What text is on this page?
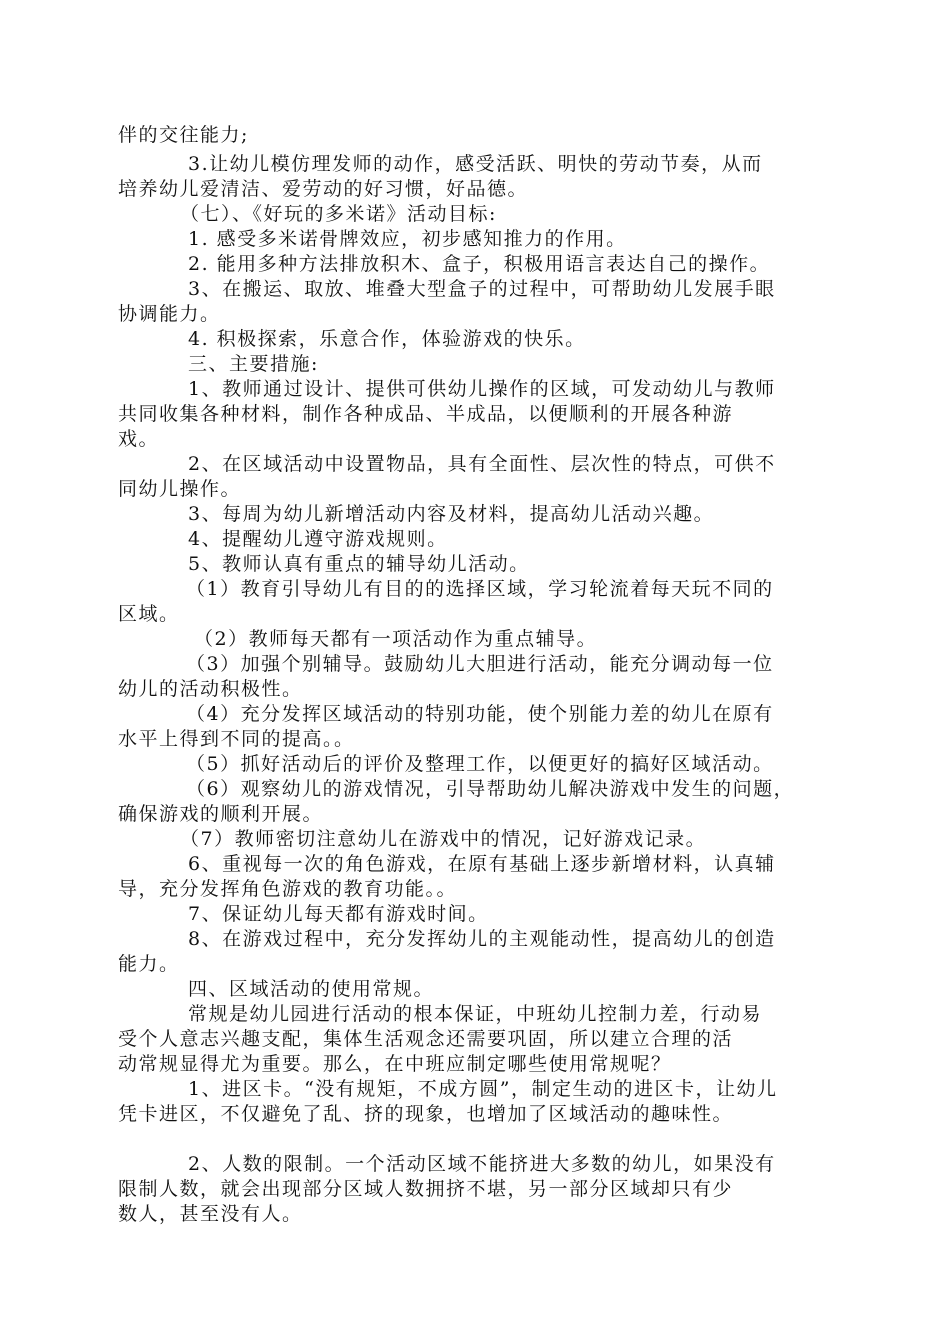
伴的交往能力;

3.让幼儿模仿理发师的动作，感受活跃、明快的劳动节奏，从而

培养幼儿爱清洁、爱劳动的好习惯，好品德。

（七）、《好玩的多米诺》活动目标:

1. 感受多米诺骨牌效应，初步感知推力的作用。

2. 能用多种方法排放积木、盒子，积极用语言表达自己的操作。

3、在搬运、取放、堆叠大型盒子的过程中，可帮助幼儿发展手眼

协调能力。

4. 积极探索，乐意合作，体验游戏的快乐。

三、主要措施:

1、教师通过设计、提供可供幼儿操作的区域，可发动幼儿与教师

共同收集各种材料，制作各种成品、半成品，以便顺利的开展各种游

戏。

2、在区域活动中设置物品，具有全面性、层次性的特点，可供不

同幼儿操作。

3、每周为幼儿新增活动内容及材料，提高幼儿活动兴趣。

4、提醒幼儿遵守游戏规则。

5、教师认真有重点的辅导幼儿活动。

（1）教育引导幼儿有目的的选择区域，学习轮流着每天玩不同的

区域。

（2）教师每天都有一项活动作为重点辅导。

（3）加强个别辅导。鼓励幼儿大胆进行活动，能充分调动每一位

幼儿的活动积极性。

（4）充分发挥区域活动的特别功能，使个别能力差的幼儿在原有

水平上得到不同的提高。。

（5）抓好活动后的评价及整理工作，以便更好的搞好区域活动。

（6）观察幼儿的游戏情况，引导帮助幼儿解决游戏中发生的问题，

确保游戏的顺利开展。

（7）教师密切注意幼儿在游戏中的情况，记好游戏记录。

6、重视每一次的角色游戏，在原有基础上逐步新增材料，认真辅

导，充分发挥角色游戏的教育功能。。

7、保证幼儿每天都有游戏时间。

8、在游戏过程中，充分发挥幼儿的主观能动性，提高幼儿的创造

能力。

四、区域活动的使用常规。

常规是幼儿园进行活动的根本保证，中班幼儿控制力差，行动易

受个人意志兴趣支配，集体生活观念还需要巩固，所以建立合理的活

动常规显得尤为重要。那么，在中班应制定哪些使用常规呢？

1、进区卡。“没有规矩，不成方圆”，制定生动的进区卡，让幼儿

凭卡进区，不仅避免了乱、挤的现象，也增加了区域活动的趣味性。

2、人数的限制。一个活动区域不能挤进大多数的幼儿，如果没有

限制人数，就会出现部分区域人数拥挤不堪，另一部分区域却只有少

数人，甚至没有人。
